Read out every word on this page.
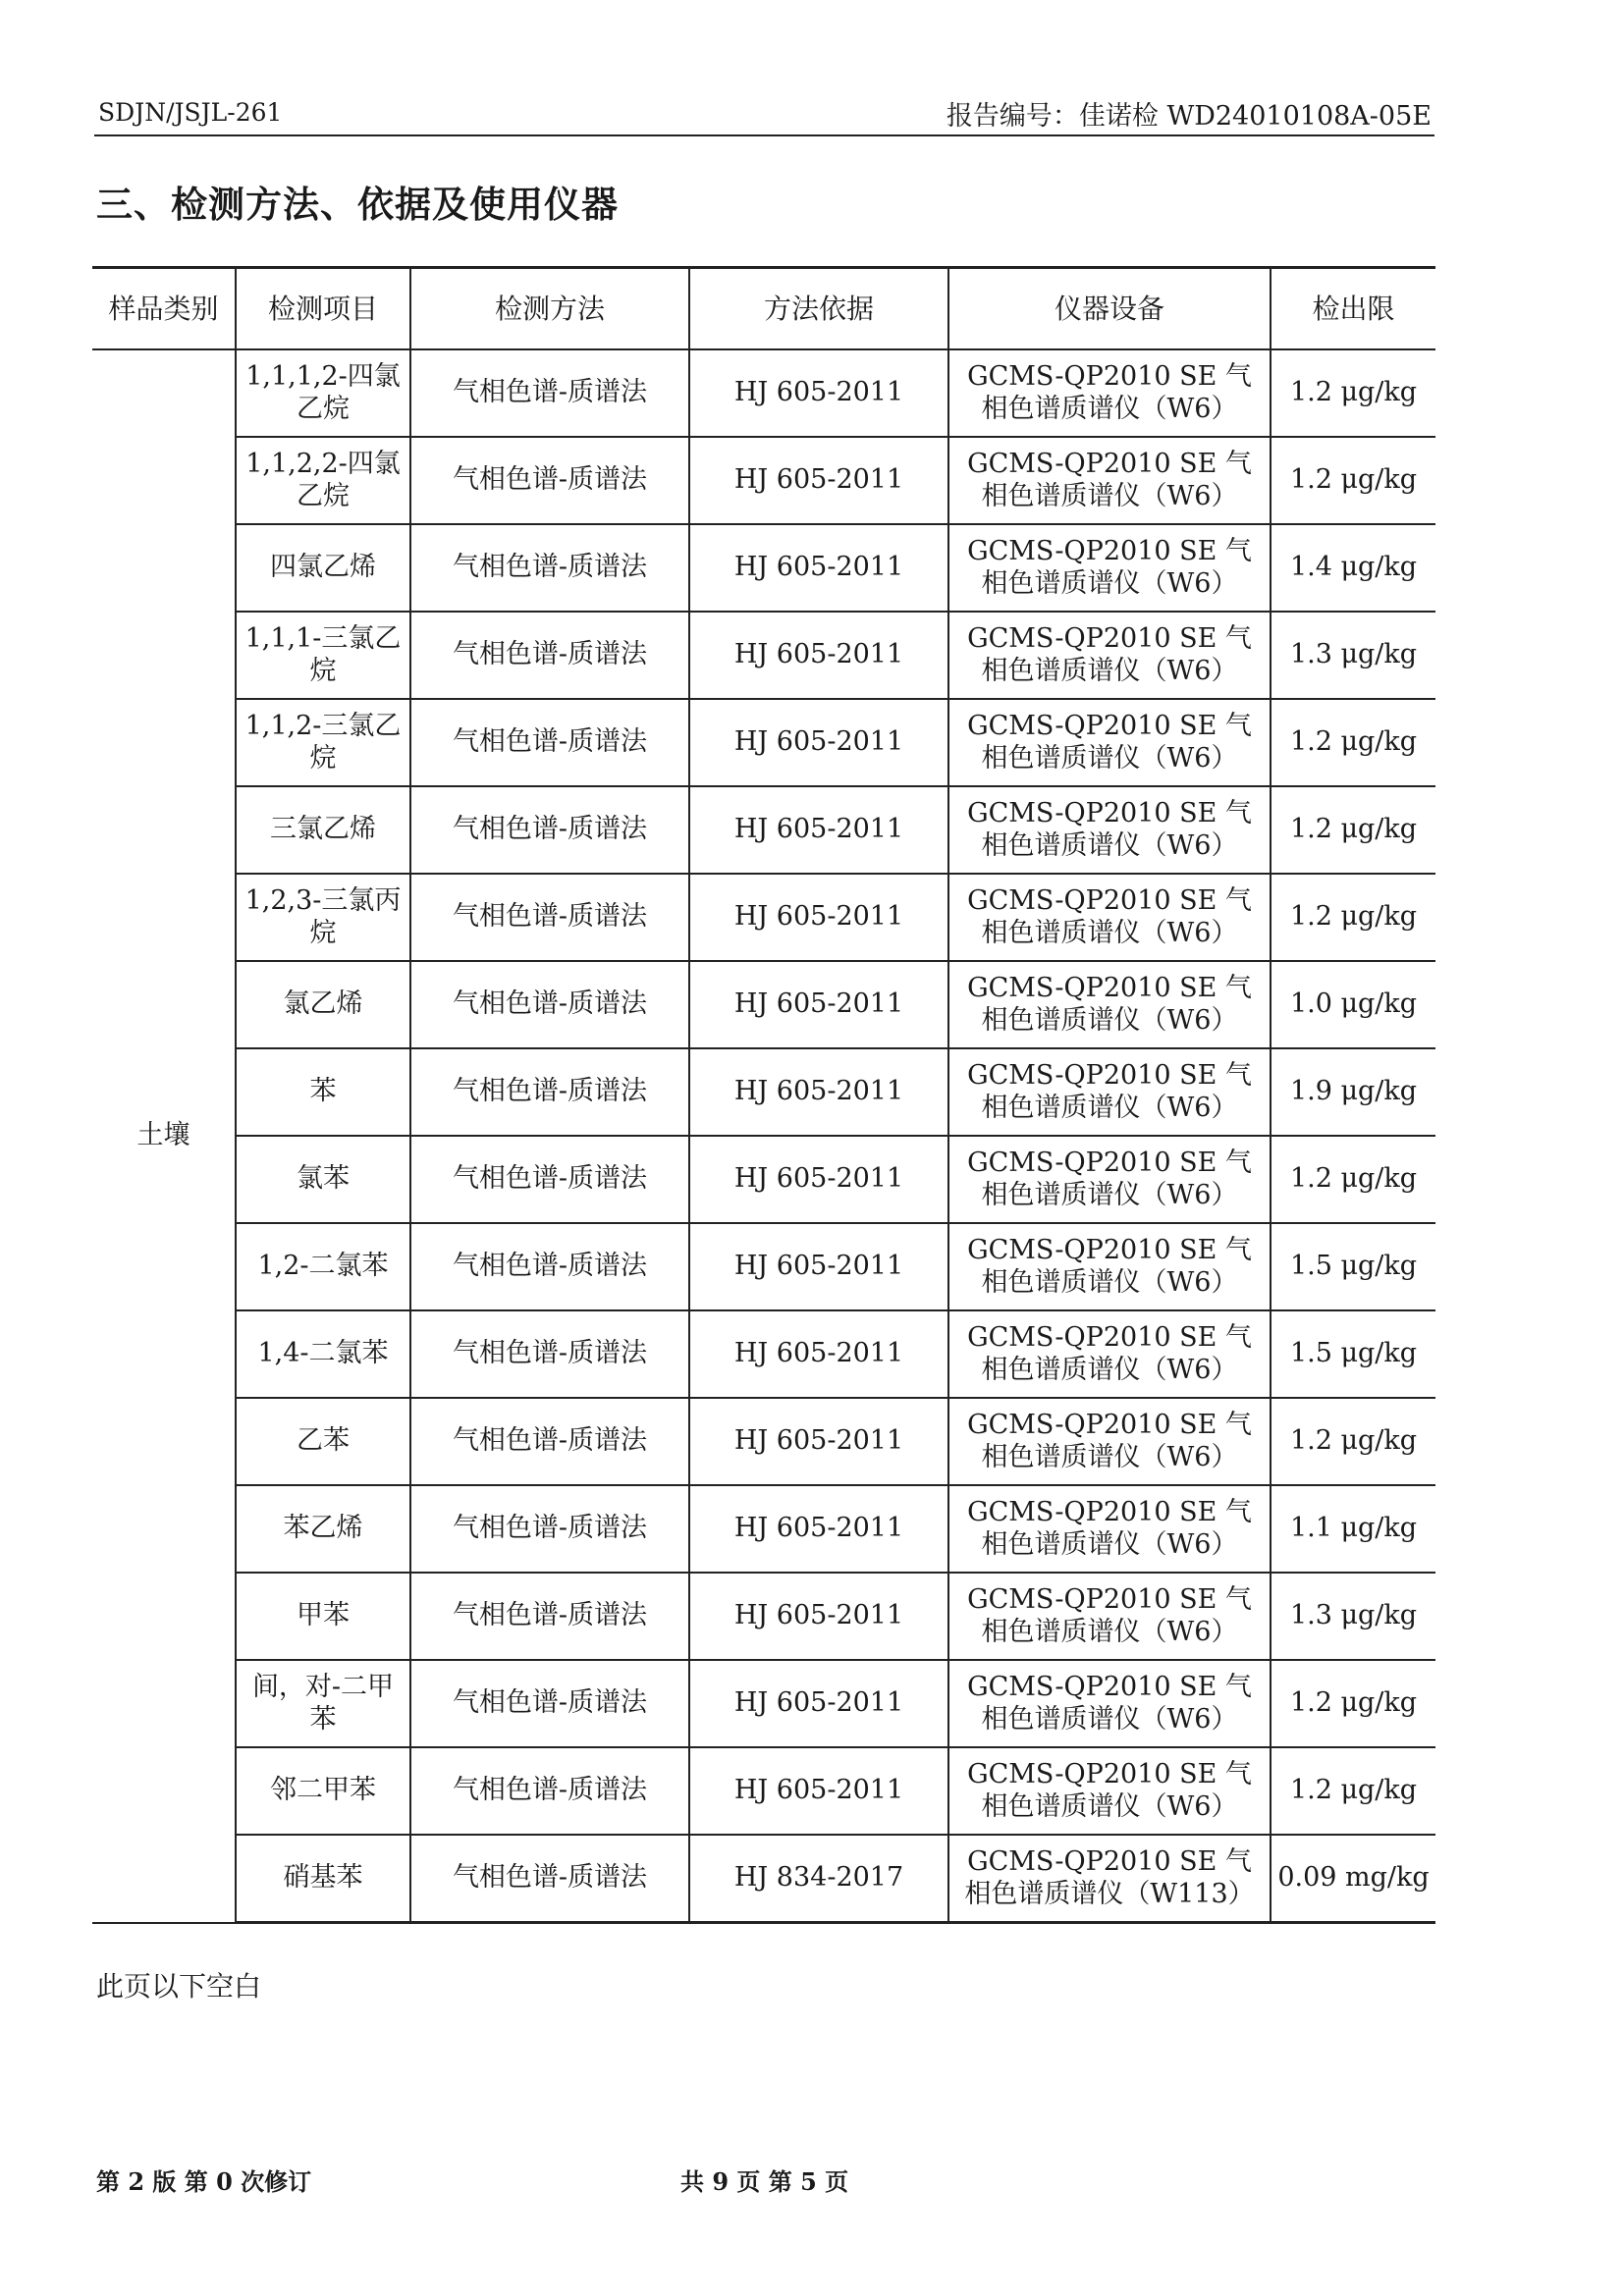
SDJN/JSJL-261	报告编号：佳诺检 WD24010108A-05E
三、检测方法、依据及使用仪器
样品类别	检测项目	检测方法	方法依据	仪器设备	检出限
土壤	1,1,1,2-四氯乙烷	气相色谱-质谱法	HJ 605-2011	GCMS-QP2010 SE 气相色谱质谱仪（W6）	1.2 μg/kg
	1,1,2,2-四氯乙烷	气相色谱-质谱法	HJ 605-2011	GCMS-QP2010 SE 气相色谱质谱仪（W6）	1.2 μg/kg
	四氯乙烯	气相色谱-质谱法	HJ 605-2011	GCMS-QP2010 SE 气相色谱质谱仪（W6）	1.4 μg/kg
	1,1,1-三氯乙烷	气相色谱-质谱法	HJ 605-2011	GCMS-QP2010 SE 气相色谱质谱仪（W6）	1.3 μg/kg
	1,1,2-三氯乙烷	气相色谱-质谱法	HJ 605-2011	GCMS-QP2010 SE 气相色谱质谱仪（W6）	1.2 μg/kg
	三氯乙烯	气相色谱-质谱法	HJ 605-2011	GCMS-QP2010 SE 气相色谱质谱仪（W6）	1.2 μg/kg
	1,2,3-三氯丙烷	气相色谱-质谱法	HJ 605-2011	GCMS-QP2010 SE 气相色谱质谱仪（W6）	1.2 μg/kg
	氯乙烯	气相色谱-质谱法	HJ 605-2011	GCMS-QP2010 SE 气相色谱质谱仪（W6）	1.0 μg/kg
	苯	气相色谱-质谱法	HJ 605-2011	GCMS-QP2010 SE 气相色谱质谱仪（W6）	1.9 μg/kg
	氯苯	气相色谱-质谱法	HJ 605-2011	GCMS-QP2010 SE 气相色谱质谱仪（W6）	1.2 μg/kg
	1,2-二氯苯	气相色谱-质谱法	HJ 605-2011	GCMS-QP2010 SE 气相色谱质谱仪（W6）	1.5 μg/kg
	1,4-二氯苯	气相色谱-质谱法	HJ 605-2011	GCMS-QP2010 SE 气相色谱质谱仪（W6）	1.5 μg/kg
	乙苯	气相色谱-质谱法	HJ 605-2011	GCMS-QP2010 SE 气相色谱质谱仪（W6）	1.2 μg/kg
	苯乙烯	气相色谱-质谱法	HJ 605-2011	GCMS-QP2010 SE 气相色谱质谱仪（W6）	1.1 μg/kg
	甲苯	气相色谱-质谱法	HJ 605-2011	GCMS-QP2010 SE 气相色谱质谱仪（W6）	1.3 μg/kg
	间，对-二甲苯	气相色谱-质谱法	HJ 605-2011	GCMS-QP2010 SE 气相色谱质谱仪（W6）	1.2 μg/kg
	邻二甲苯	气相色谱-质谱法	HJ 605-2011	GCMS-QP2010 SE 气相色谱质谱仪（W6）	1.2 μg/kg
	硝基苯	气相色谱-质谱法	HJ 834-2017	GCMS-QP2010 SE 气相色谱质谱仪（W113）	0.09 mg/kg
此页以下空白
第 2 版 第 0 次修订	共 9 页 第 5 页
